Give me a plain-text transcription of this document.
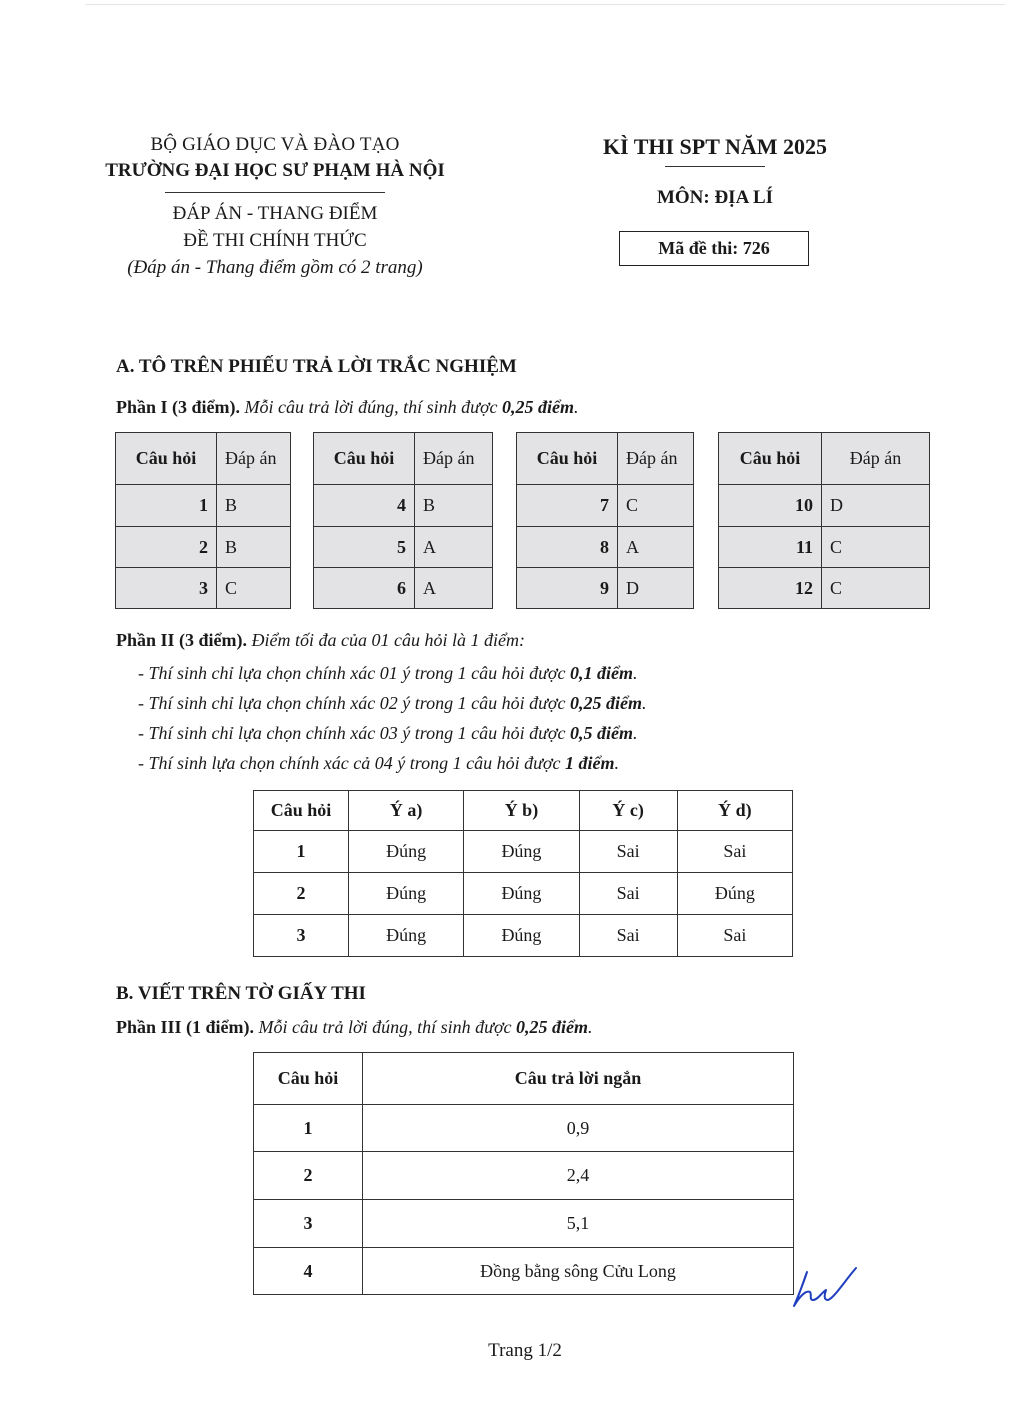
BỘ GIÁO DỤC VÀ ĐÀO TẠO
TRƯỜNG ĐẠI HỌC SƯ PHẠM HÀ NỘI
ĐÁP ÁN - THANG ĐIỂM
ĐỀ THI CHÍNH THỨC
(Đáp án - Thang điểm gồm có 2 trang)
KÌ THI SPT NĂM 2025
MÔN: ĐỊA LÍ
Mã đề thi: 726
A. TÔ TRÊN PHIẾU TRẢ LỜI TRẮC NGHIỆM
Phần I (3 điểm). Mỗi câu trả lời đúng, thí sinh được 0,25 điểm.
Câu hỏi	Đáp án
1	B
2	B
3	C
Câu hỏi	Đáp án
4	B
5	A
6	A
Câu hỏi	Đáp án
7	C
8	A
9	D
Câu hỏi	Đáp án
10	D
11	C
12	C
Phần II (3 điểm). Điểm tối đa của 01 câu hỏi là 1 điểm:
- Thí sinh chỉ lựa chọn chính xác 01 ý trong 1 câu hỏi được 0,1 điểm.
- Thí sinh chỉ lựa chọn chính xác 02 ý trong 1 câu hỏi được 0,25 điểm.
- Thí sinh chỉ lựa chọn chính xác 03 ý trong 1 câu hỏi được 0,5 điểm.
- Thí sinh lựa chọn chính xác cả 04 ý trong 1 câu hỏi được 1 điểm.
Câu hỏi	Ý a)	Ý b)	Ý c)	Ý d)
1	Đúng	Đúng	Sai	Sai
2	Đúng	Đúng	Sai	Đúng
3	Đúng	Đúng	Sai	Sai
B. VIẾT TRÊN TỜ GIẤY THI
Phần III (1 điểm). Mỗi câu trả lời đúng, thí sinh được 0,25 điểm.
Câu hỏi	Câu trả lời ngắn
1	0,9
2	2,4
3	5,1
4	Đồng bằng sông Cửu Long
Trang 1/2
